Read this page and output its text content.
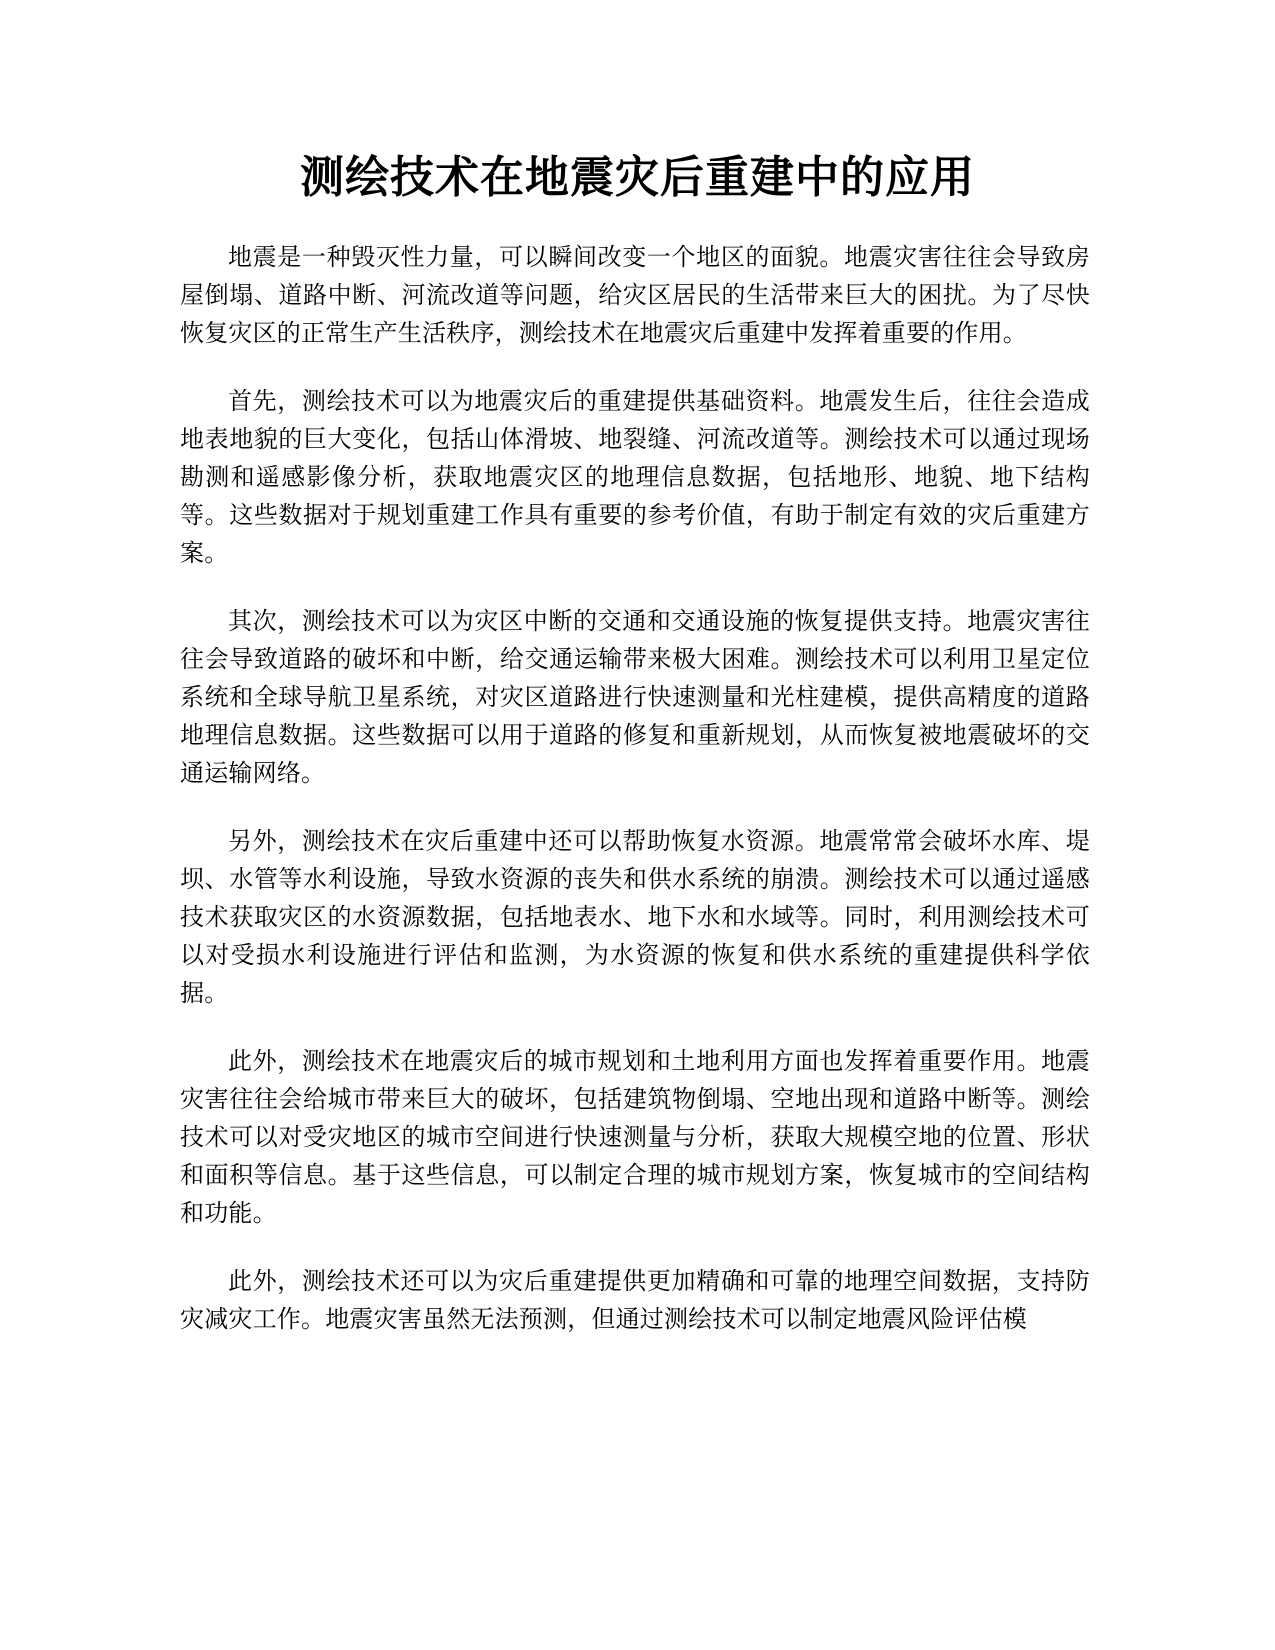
测绘技术在地震灾后重建中的应用

地震是一种毁灭性力量，可以瞬间改变一个地区的面貌。地震灾害往往会导致房屋倒塌、道路中断、河流改道等问题，给灾区居民的生活带来巨大的困扰。为了尽快恢复灾区的正常生产生活秩序，测绘技术在地震灾后重建中发挥着重要的作用。

首先，测绘技术可以为地震灾后的重建提供基础资料。地震发生后，往往会造成地表地貌的巨大变化，包括山体滑坡、地裂缝、河流改道等。测绘技术可以通过现场勘测和遥感影像分析，获取地震灾区的地理信息数据，包括地形、地貌、地下结构等。这些数据对于规划重建工作具有重要的参考价值，有助于制定有效的灾后重建方案。

其次，测绘技术可以为灾区中断的交通和交通设施的恢复提供支持。地震灾害往往会导致道路的破坏和中断，给交通运输带来极大困难。测绘技术可以利用卫星定位系统和全球导航卫星系统，对灾区道路进行快速测量和光柱建模，提供高精度的道路地理信息数据。这些数据可以用于道路的修复和重新规划，从而恢复被地震破坏的交通运输网络。

另外，测绘技术在灾后重建中还可以帮助恢复水资源。地震常常会破坏水库、堤坝、水管等水利设施，导致水资源的丧失和供水系统的崩溃。测绘技术可以通过遥感技术获取灾区的水资源数据，包括地表水、地下水和水域等。同时，利用测绘技术可以对受损水利设施进行评估和监测，为水资源的恢复和供水系统的重建提供科学依据。

此外，测绘技术在地震灾后的城市规划和土地利用方面也发挥着重要作用。地震灾害往往会给城市带来巨大的破坏，包括建筑物倒塌、空地出现和道路中断等。测绘技术可以对受灾地区的城市空间进行快速测量与分析，获取大规模空地的位置、形状和面积等信息。基于这些信息，可以制定合理的城市规划方案，恢复城市的空间结构和功能。

此外，测绘技术还可以为灾后重建提供更加精确和可靠的地理空间数据，支持防灾减灾工作。地震灾害虽然无法预测，但通过测绘技术可以制定地震风险评估模
